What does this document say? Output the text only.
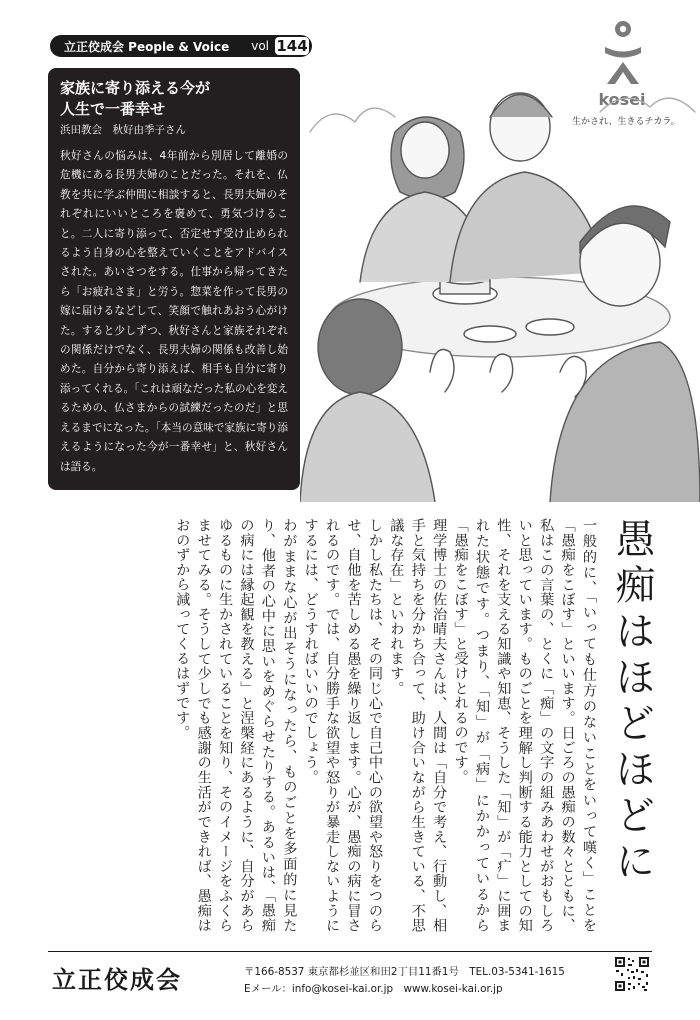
立正佼成会 People & Voice vol 144
kosei
生かされ、生きるチカラ。
家族に寄り添える今が
人生で一番幸せ
浜田教会　秋好由季子さん
秋好さんの悩みは、4年前から別居して離婚の危機にある長男夫婦のことだった。それを、仏教を共に学ぶ仲間に相談すると、長男夫婦のそれぞれにいいところを褒めて、勇気づけること。二人に寄り添って、否定せず受け止められるよう自身の心を整えていくことをアドバイスされた。あいさつをする。仕事から帰ってきたら「お疲れさま」と労う。惣菜を作って長男の嫁に届けるなどして、笑顔で触れあおう心がけた。すると少しずつ、秋好さんと家族それぞれの関係だけでなく、長男夫婦の関係も改善し始めた。自分から寄り添えば、相手も自分に寄り添ってくれる。「これは頑なだった私の心を変えるための、仏さまからの試練だったのだ」と思えるまでになった。「本当の意味で家族に寄り添えるようになった今が一番幸せ」と、秋好さんは語る。
愚痴はほどほどに

一般的に、「いっても仕方のないことをいって嘆く」ことを「愚痴をこぼす」といいます。日ごろの愚痴の数々とともに、私はこの言葉の、とくに「痴」の文字の組みあわせがおもしろいと思っています。ものごとを理解し判断する能力としての知性、それを支える知識や知恵、そうした「知」が「疒」に囲まれた状態です。つまり、「知」が「病」にかかっているから「愚痴をこぼす」と受けとれるのです。

理学博士の佐治晴夫さんは、人間は「自分で考え、行動し、相手と気持ちを分かち合って、助け合いながら生きている、不思議な存在」といわれます。

しかし私たちは、その同じ心で自己中心の欲望や怒りをつのらせ、自他を苦しめる愚を繰り返します。心が、愚痴の病に冒されるのです。では、自分勝手な欲望や怒りが暴走しないようにするには、どうすればいいのでしょう。

わがままな心が出そうになったら、ものごとを多面的に見たり、他者の心中に思いをめぐらせたりする。あるいは、「愚痴の病には縁起観を教える」と涅槃経にあるように、自分があらゆるものに生かされていることを知り、そのイメージをふくらませてみる。そうして少しでも感謝の生活ができれば、愚痴はおのずから減ってくるはずです。

立正佼成会	〒166-8537 東京都杉並区和田2丁目11番1号　TEL.03-5341-1615
Eメール：info@kosei-kai.or.jp　www.kosei-kai.or.jp
